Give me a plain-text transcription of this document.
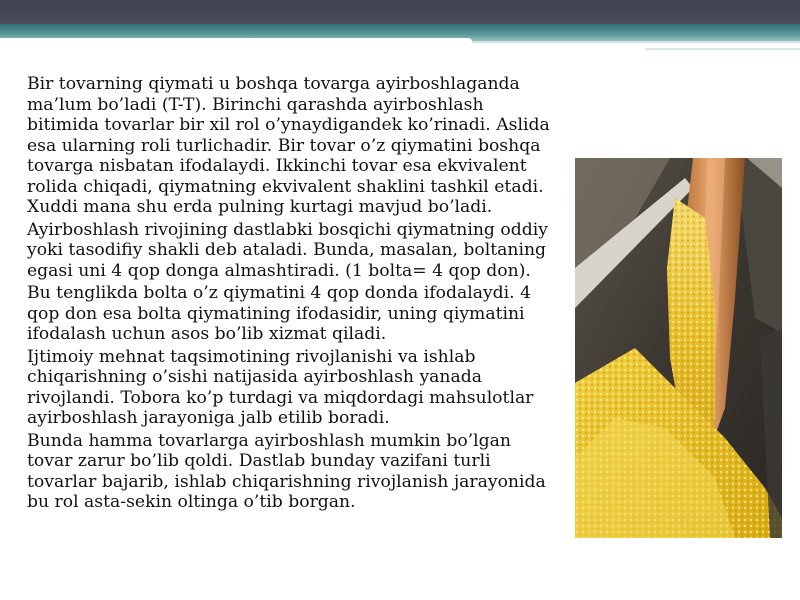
Bir tovarning qiymati u boshqa tovarga ayirboshlaganda ma’lum bo’ladi (T-T). Birinchi qarashda ayirboshlash bitimida tovarlar bir xil rol o’ynaydigandek ko’rinadi. Aslida esa ularning roli turlichadir. Bir tovar o’z qiymatini boshqa tovarga nisbatan ifodalaydi. Ikkinchi tovar esa ekvivalent rolida chiqadi, qiymatning ekvivalent shaklini tashkil etadi. Xuddi mana shu erda pulning kurtagi mavjud bo’ladi.

Ayirboshlash rivojining dastlabki bosqichi qiymatning oddiy yoki tasodifiy shakli deb ataladi. Bunda, masalan, boltaning egasi uni 4 qop donga almashtiradi. (1 bolta= 4 qop don).

Bu tenglikda bolta o’z qiymatini 4 qop donda ifodalaydi. 4 qop don esa bolta qiymatining ifodasidir, uning qiymatini ifodalash uchun asos bo’lib xizmat qiladi.

Ijtimoiy mehnat taqsimotining rivojlanishi va ishlab chiqarishning o’sishi natijasida ayirboshlash yanada rivojlandi. Tobora ko’p turdagi va miqdordagi mahsulotlar ayirboshlash jarayoniga jalb etilib boradi.

Bunda hamma tovarlarga ayirboshlash mumkin bo’lgan tovar zarur bo’lib qoldi. Dastlab bunday vazifani turli tovarlar bajarib, ishlab chiqarishning rivojlanish jarayonida bu rol asta-sekin oltinga o’tib borgan.
